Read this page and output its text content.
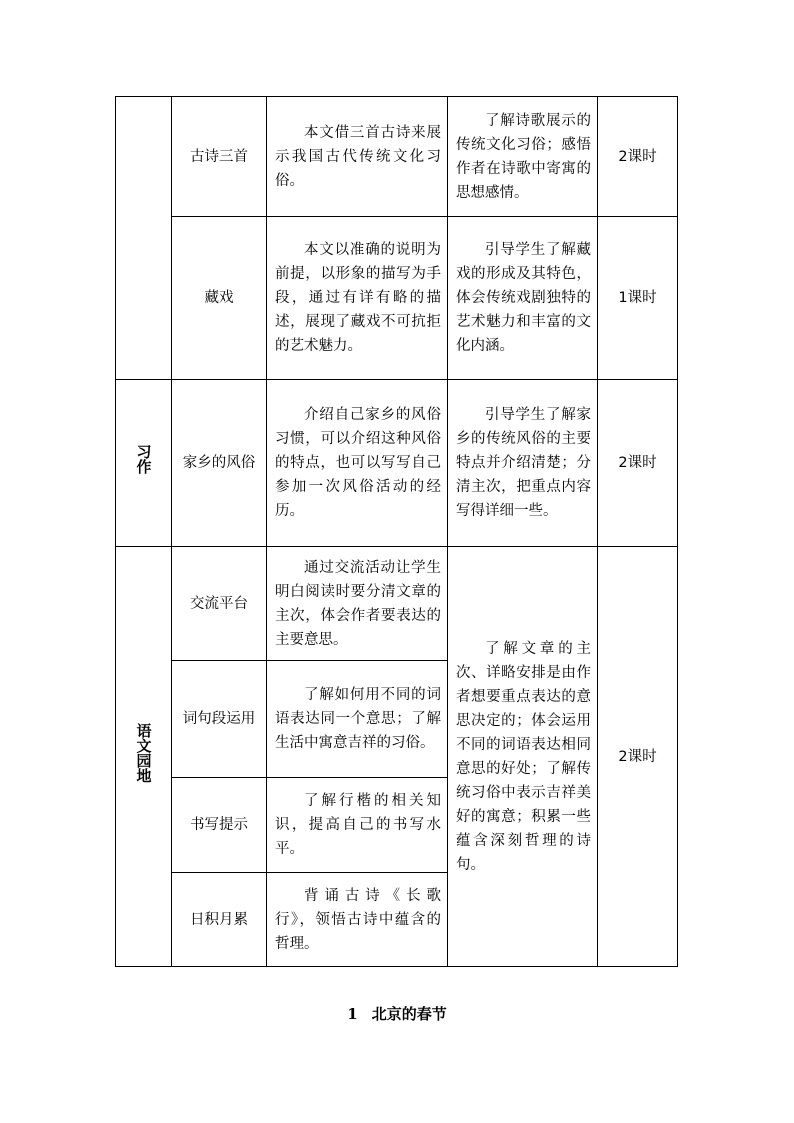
	古诗三首	本文借三首古诗来展示我国古代传统文化习俗。	了解诗歌展示的传统文化习俗；感悟作者在诗歌中寄寓的思想感情。	2课时
	藏戏	本文以准确的说明为前提，以形象的描写为手段，通过有详有略的描述，展现了藏戏不可抗拒的艺术魅力。	引导学生了解藏戏的形成及其特色，体会传统戏剧独特的艺术魅力和丰富的文化内涵。	1课时
习作	家乡的风俗	介绍自己家乡的风俗习惯，可以介绍这种风俗的特点，也可以写写自己参加一次风俗活动的经历。	引导学生了解家乡的传统风俗的主要特点并介绍清楚；分清主次，把重点内容写得详细一些。	2课时
语文园地	交流平台	通过交流活动让学生明白阅读时要分清文章的主次，体会作者要表达的主要意思。	了解文章的主次、详略安排是由作者想要重点表达的意思决定的；体会运用不同的词语表达相同意思的好处；了解传统习俗中表示吉祥美好的寓意；积累一些蕴含深刻哲理的诗句。	2课时
	词句段运用	了解如何用不同的词语表达同一个意思；了解生活中寓意吉祥的习俗。		

	书写提示	了解行楷的相关知识，提高自己的书写水平。		

	日积月累	背诵古诗《长歌行》，领悟古诗中蕴含的哲理。		
1 北京的春节
